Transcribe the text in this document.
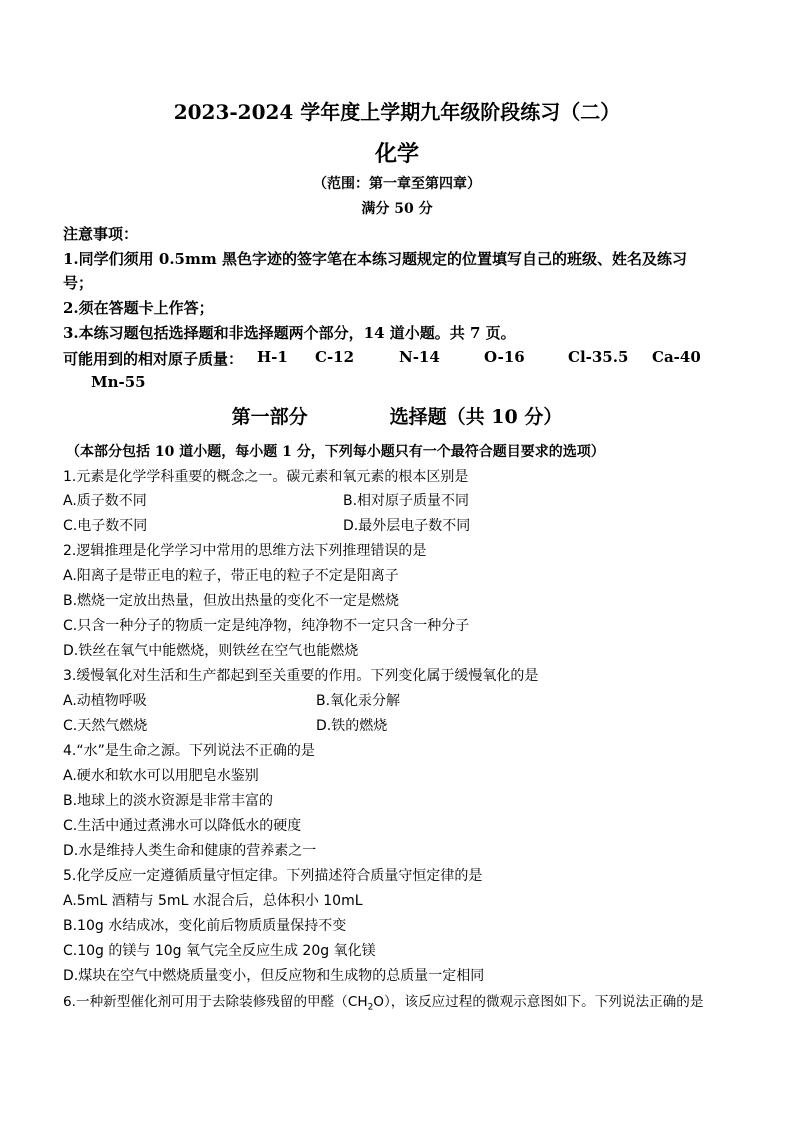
2023-2024 学年度上学期九年级阶段练习（二）
化学
（范围：第一章至第四章）
满分 50 分
注意事项：
1.同学们须用 0.5mm 黑色字迹的签字笔在本练习题规定的位置填写自己的班级、姓名及练习
号；
2.须在答题卡上作答；
3.本练习题包括选择题和非选择题两个部分，14 道小题。共 7 页。
可能用到的相对原子质量： H-1 C-12	N-14	O-16	Cl-35.5 Ca-40
Mn-55
第一部分	选择题（共 10 分）
（本部分包括 10 道小题，每小题 1 分，下列每小题只有一个最符合题目要求的选项）
1.元素是化学学科重要的概念之一。碳元素和氧元素的根本区别是
A.质子数不同	B.相对原子质量不同
C.电子数不同	D.最外层电子数不同
2.逻辑推理是化学学习中常用的思维方法下列推理错误的是
A.阳离子是带正电的粒子，带正电的粒子不定是阳离子
B.燃烧一定放出热量，但放出热量的变化不一定是燃烧
C.只含一种分子的物质一定是纯净物，纯净物不一定只含一种分子
D.铁丝在氧气中能燃烧，则铁丝在空气也能燃烧
3.缓慢氧化对生活和生产都起到至关重要的作用。下列变化属于缓慢氧化的是
A.动植物呼吸	B.氧化汞分解
C.天然气燃烧	D.铁的燃烧
4.“水”是生命之源。下列说法不正确的是
A.硬水和软水可以用肥皂水鉴别
B.地球上的淡水资源是非常丰富的
C.生活中通过煮沸水可以降低水的硬度
D.水是维持人类生命和健康的营养素之一
5.化学反应一定遵循质量守恒定律。下列描述符合质量守恒定律的是
A.5mL 酒精与 5mL 水混合后，总体积小 10mL
B.10g 水结成冰，变化前后物质质量保持不变
C.10g 的镁与 10g 氧气完全反应生成 20g 氧化镁
D.煤块在空气中燃烧质量变小，但反应物和生成物的总质量一定相同
6.一种新型催化剂可用于去除装修残留的甲醛$(CH_2O)$，该反应过程的微观示意图如下。下列说法正确的是
